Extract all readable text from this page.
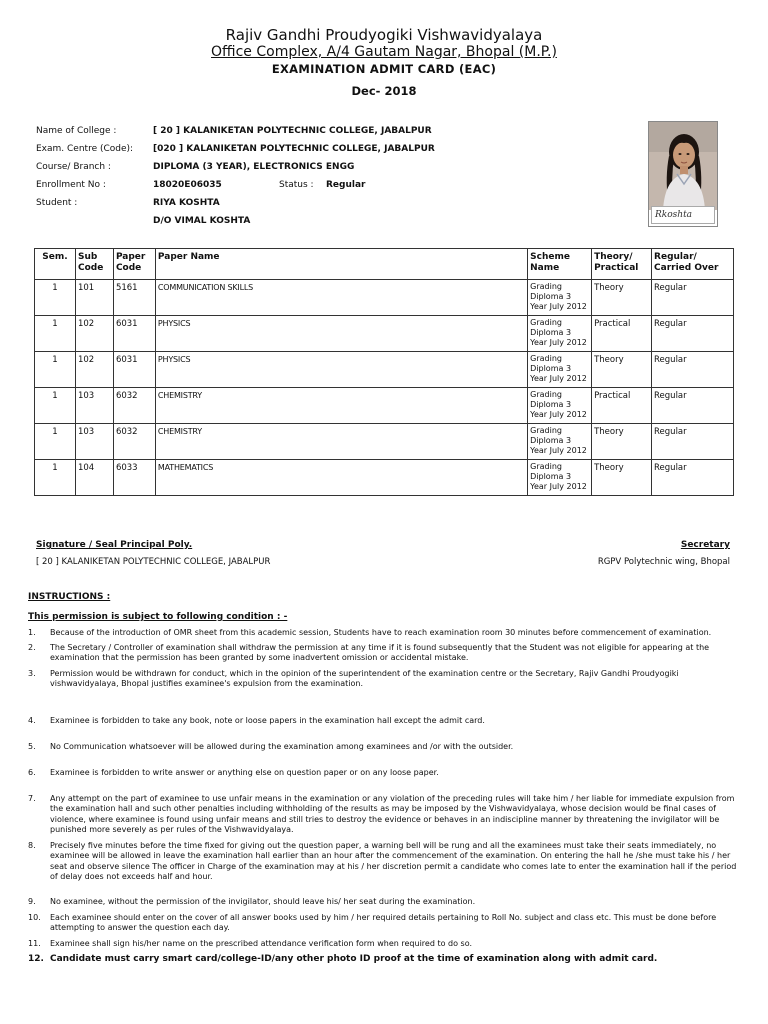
Rajiv Gandhi Proudyogiki Vishwavidyalaya
Office Complex, A/4 Gautam Nagar, Bhopal (M.P.)
EXAMINATION ADMIT CARD (EAC)
Dec- 2018
Name of College :	[ 20 ] KALANIKETAN POLYTECHNIC COLLEGE, JABALPUR
Exam. Centre (Code): [020 ] KALANIKETAN POLYTECHNIC COLLEGE, JABALPUR
Course/ Branch :	DIPLOMA (3 YEAR), ELECTRONICS ENGG
Enrollment No :	18020E06035	Status : Regular
Student :	RIYA KOSHTA
D/O VIMAL KOSHTA
Rkoshta
Sem.	Sub Code	Paper Code	Paper Name	Scheme Name	Theory/ Practical	Regular/ Carried Over
1	101	5161	COMMUNICATION SKILLS	Grading
Diploma 3
Year July 2012	Theory	Regular
1	102	6031	PHYSICS	Grading
Diploma 3
Year July 2012	Practical	Regular
1	102	6031	PHYSICS	Grading
Diploma 3
Year July 2012	Theory	Regular
1	103	6032	CHEMISTRY	Grading
Diploma 3
Year July 2012	Practical	Regular
1	103	6032	CHEMISTRY	Grading
Diploma 3
Year July 2012	Theory	Regular
1	104	6033	MATHEMATICS	Grading
Diploma 3
Year July 2012	Theory	Regular
Signature / Seal Principal Poly.
[ 20 ] KALANIKETAN POLYTECHNIC COLLEGE, JABALPUR
Secretary
RGPV Polytechnic wing, Bhopal
INSTRUCTIONS :
This permission is subject to following condition : -
1. Because of the introduction of OMR sheet from this academic session, Students have to reach examination room 30 minutes before commencement of examination.
2. The Secretary / Controller of examination shall withdraw the permission at any time if it is found subsequently that the Student was not eligible for appearing at the examination that the permission has been granted by some inadvertent omission or accidental mistake.
3. Permission would be withdrawn for conduct, which in the opinion of the superintendent of the examination centre or the Secretary, Rajiv Gandhi Proudyogiki vishwavidyalaya, Bhopal justifies examinee's expulsion from the examination.
4. Examinee is forbidden to take any book, note or loose papers in the examination hall except the admit card.
5. No Communication whatsoever will be allowed during the examination among examinees and /or with the outsider.
6. Examinee is forbidden to write answer or anything else on question paper or on any loose paper.
7. Any attempt on the part of examinee to use unfair means in the examination or any violation of the preceding rules will take him / her liable for immediate expulsion from the examination hall and such other penalties including withholding of the results as may be imposed by the Vishwavidyalaya, whose decision would be final cases of violence, where examinee is found using unfair means and still tries to destroy the evidence or behaves in an indiscipline manner by threatening the invigilator will be punished more severely as per rules of the Vishwavidyalaya.
8. Precisely five minutes before the time fixed for giving out the question paper, a warning bell will be rung and all the examinees must take their seats immediately, no examinee will be allowed in leave the examination hall earlier than an hour after the commencement of the examination. On entering the hall he /she must take his / her seat and observe silence The officer in Charge of the examination may at his / her discretion permit a candidate who comes late to enter the examination hall if the period of delay does not exceeds half and hour.
9. No examinee, without the permission of the invigilator, should leave his/ her seat during the examination.
10. Each examinee should enter on the cover of all answer books used by him / her required details pertaining to Roll No. subject and class etc. This must be done before attempting to answer the question each day.
11. Examinee shall sign his/her name on the prescribed attendance verification form when required to do so.
12. Candidate must carry smart card/college-ID/any other photo ID proof at the time of examination along with admit card.
